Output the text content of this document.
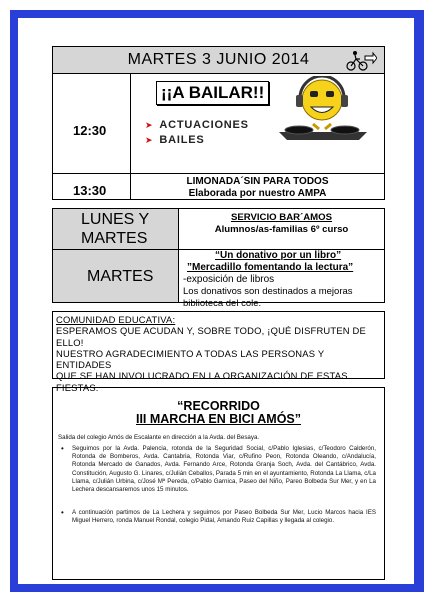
MARTES 3 JUNIO 2014
12:30
¡¡A BAILAR!!
➤ ACTUACIONES
➤ BAILES
13:30
LIMONADA´SIN PARA TODOS
Elaborada por nuestro AMPA
LUNES Y
MARTES
SERVICIO BAR´AMOS
Alumnos/as-familias 6º curso
MARTES
“Un donativo por un libro”
”Mercadillo fomentando la lectura”
-exposición de libros
Los donativos son destinados a mejoras
biblioteca del cole.
COMUNIDAD EDUCATIVA:
ESPERAMOS QUE ACUDAN Y, SOBRE TODO, ¡QUÉ DISFRUTEN DE
ELLO!
NUESTRO AGRADECIMIENTO A TODAS LAS PERSONAS Y ENTIDADES
QUE SE HAN INVOLUCRADO EN LA ORGANIZACIÓN DE ESTAS
FIESTAS.
“RECORRIDO
III MARCHA EN BICI AMÓS”
Salida del colegio Amós de Escalante en dirección a la Avda. del Besaya.
• Seguimos por la Avda. Palencia, rotonda de la Seguridad Social, c/Pablo Iglesias, c/Teodoro Calderón, Rotonda de Bomberos, Avda. Cantabria, Rotonda Viar, c/Rufino Peon, Rotonda Oleando, c/Andalucía, Rotonda Mercado de Ganados, Avda. Fernando Arce, Rotonda Granja Soch, Avda. del Cantábrico, Avda. Constitución, Augusto G. Linares, c/Julián Ceballos, Parada 5 min en el ayuntamiento, Rotonda La Llama, c/La Llama, c/Julián Urbina, c/José Mª Pereda, c/Pablo Garnica, Paseo del Niño, Pareo Bolbeda Sur Mer, y en La Lechera descansaremos unos 15 minutos.
• A continuación partimos de La Lechera y seguimos por Paseo Bolbeda Sur Mer, Lucio Marcos hacia IES Miguel Herrero, ronda Manuel Rondal, colegio Pidal, Amando Ruiz Capillas y llegada al colegio.
